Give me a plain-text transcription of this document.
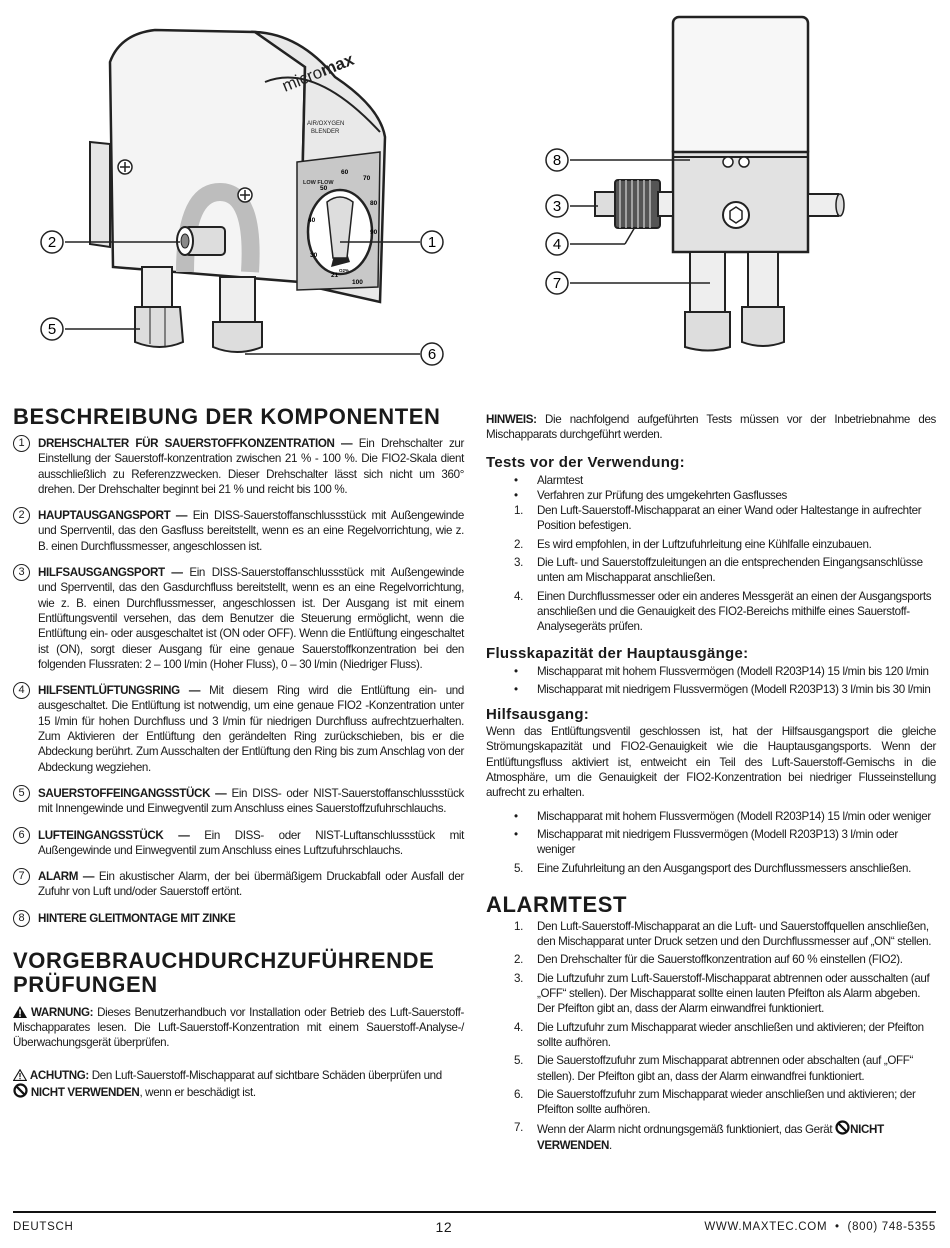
micromax
AIR/OXYGEN
BLENDER
LOW FLOW
21
30
40
50
60
70
80
90
100
O2%
1
2
5
6
8
3
4
7
BESCHREIBUNG DER KOMPONENTEN
1	DREHSCHALTER FÜR SAUERSTOFFKONZENTRATION — Ein Drehschalter zur Einstellung der Sauerstoff-konzentration zwischen 21 % - 100 %. Die FIO2-Skala dient ausschließlich zu Referenzzwecken. Dieser Drehschalter lässt sich nicht um 360° drehen. Der Drehschalter beginnt bei 21 % und reicht bis 100 %.
2	HAUPTAUSGANGSPORT — Ein DISS-Sauerstoffanschlussstück mit Außengewinde und Sperrventil, das den Gasfluss bereitstellt, wenn es an eine Regelvorrichtung, wie z. B. einen Durchflussmesser, angeschlossen ist.
3	HILFSAUSGANGSPORT — Ein DISS-Sauerstoffanschlussstück mit Außengewinde und Sperrventil, das den Gasdurchfluss bereitstellt, wenn es an eine Regelvorrichtung, wie z. B. einen Durchflussmesser, angeschlossen ist. Der Ausgang ist mit einem Entlüftungsventil versehen, das dem Benutzer die Steuerung ermöglicht, wenn die Entlüftung ein- oder ausgeschaltet ist (ON oder OFF). Wenn die Entlüftung eingeschaltet ist (ON), sorgt dieser Ausgang für eine genaue Sauerstoffkonzentration bei den folgenden Flussraten: 2 – 100 l/min (Hoher Fluss), 0 – 30 l/min (Niedriger Fluss).
4	HILFSENTLÜFTUNGSRING — Mit diesem Ring wird die Entlüftung ein- und ausgeschaltet. Die Entlüftung ist notwendig, um eine genaue FIO2 -Konzentration unter 15 l/min für hohen Durchfluss und 3 l/min für niedrigen Durchfluss aufrechtzuerhalten. Zum Aktivieren der Entlüftung den gerändelten Ring zurückschieben, bis er die Abdeckung berührt. Zum Ausschalten der Entlüftung den Ring bis zum Anschlag von der Abdeckung wegziehen.
5	SAUERSTOFFEINGANGSSTÜCK — Ein DISS- oder NIST-Sauerstoffanschlussstück mit Innengewinde und Einwegventil zum Anschluss eines Sauerstoffzufuhrschlauchs.
6	LUFTEINGANGSSTÜCK — Ein DISS- oder NIST-Luftanschlussstück mit Außengewinde und Einwegventil zum Anschluss eines Luftzufuhrschlauchs.
7	ALARM — Ein akustischer Alarm, der bei übermäßigem Druckabfall oder Ausfall der Zufuhr von Luft und/oder Sauerstoff ertönt.
8	HINTERE GLEITMONTAGE MIT ZINKE
VORGEBRAUCHDURCHZUFÜHRENDE
PRÜFUNGEN
WARNUNG: Dieses Benutzerhandbuch vor Installation oder Betrieb des Luft-Sauerstoff-Mischapparates lesen. Die Luft-Sauerstoff-Konzentration mit einem Sauerstoff-Analyse-/Überwachungsgerät überprüfen.
ACHUTNG: Den Luft-Sauerstoff-Mischapparat auf sichtbare Schäden überprüfen und
NICHT VERWENDEN, wenn er beschädigt ist.
HINWEIS: Die nachfolgend aufgeführten Tests müssen vor der Inbetriebnahme des Mischapparats durchgeführt werden.
Tests vor der Verwendung:
•	Alarmtest
•	Verfahren zur Prüfung des umgekehrten Gasflusses
1.	Den Luft-Sauerstoff-Mischapparat an einer Wand oder Haltestange in aufrechter Position befestigen.
2.	Es wird empfohlen, in der Luftzufuhrleitung eine Kühlfalle einzubauen.
3.	Die Luft- und Sauerstoffzuleitungen an die entsprechenden Eingangsanschlüsse unten am Mischapparat anschließen.
4.	Einen Durchflussmesser oder ein anderes Messgerät an einen der Ausgangsports anschließen und die Genauigkeit des FIO2-Bereichs mithilfe eines Sauerstoff-Analysegeräts prüfen.
Flusskapazität der Hauptausgänge:
•	Mischapparat mit hohem Flussvermögen (Modell R203P14) 15 l/min bis 120 l/min
•	Mischapparat mit niedrigem Flussvermögen (Modell R203P13) 3 l/min bis 30 l/min
Hilfsausgang:
Wenn das Entlüftungsventil geschlossen ist, hat der Hilfsausgangsport die gleiche Strömungskapazität und FIO2-Genauigkeit wie die Hauptausgangsports. Wenn der Entlüftungsfluss aktiviert ist, entweicht ein Teil des Luft-Sauerstoff-Gemischs in die Atmosphäre, um die Genauigkeit der FIO2-Konzentration bei niedriger Flusseinstellung aufrecht zu erhalten.
•	Mischapparat mit hohem Flussvermögen (Modell R203P14) 15 l/min oder weniger
•	Mischapparat mit niedrigem Flussvermögen (Modell R203P13) 3 l/min oder weniger
5.	Eine Zufuhrleitung an den Ausgangsport des Durchflussmessers anschließen.
ALARMTEST
1.	Den Luft-Sauerstoff-Mischapparat an die Luft- und Sauerstoffquellen anschließen, den Mischapparat unter Druck setzen und den Durchflussmesser auf „ON“ stellen.
2.	Den Drehschalter für die Sauerstoffkonzentration auf 60 % einstellen (FIO2).
3.	Die Luftzufuhr zum Luft-Sauerstoff-Mischapparat abtrennen oder ausschalten (auf „OFF“ stellen). Der Mischapparat sollte einen lauten Pfeifton als Alarm abgeben. Der Pfeifton gibt an, dass der Alarm einwandfrei funktioniert.
4.	Die Luftzufuhr zum Mischapparat wieder anschließen und aktivieren; der Pfeifton sollte aufhören.
5.	Die Sauerstoffzufuhr zum Mischapparat abtrennen oder abschalten (auf „OFF“ stellen). Der Pfeifton gibt an, dass der Alarm einwandfrei funktioniert.
6.	Die Sauerstoffzufuhr zum Mischapparat wieder anschließen und aktivieren; der Pfeifton sollte aufhören.
7.	Wenn der Alarm nicht ordnungsgemäß funktioniert, das Gerät NICHT VERWENDEN.
DEUTSCH	12	WWW.MAXTEC.COM  •  (800) 748-5355
